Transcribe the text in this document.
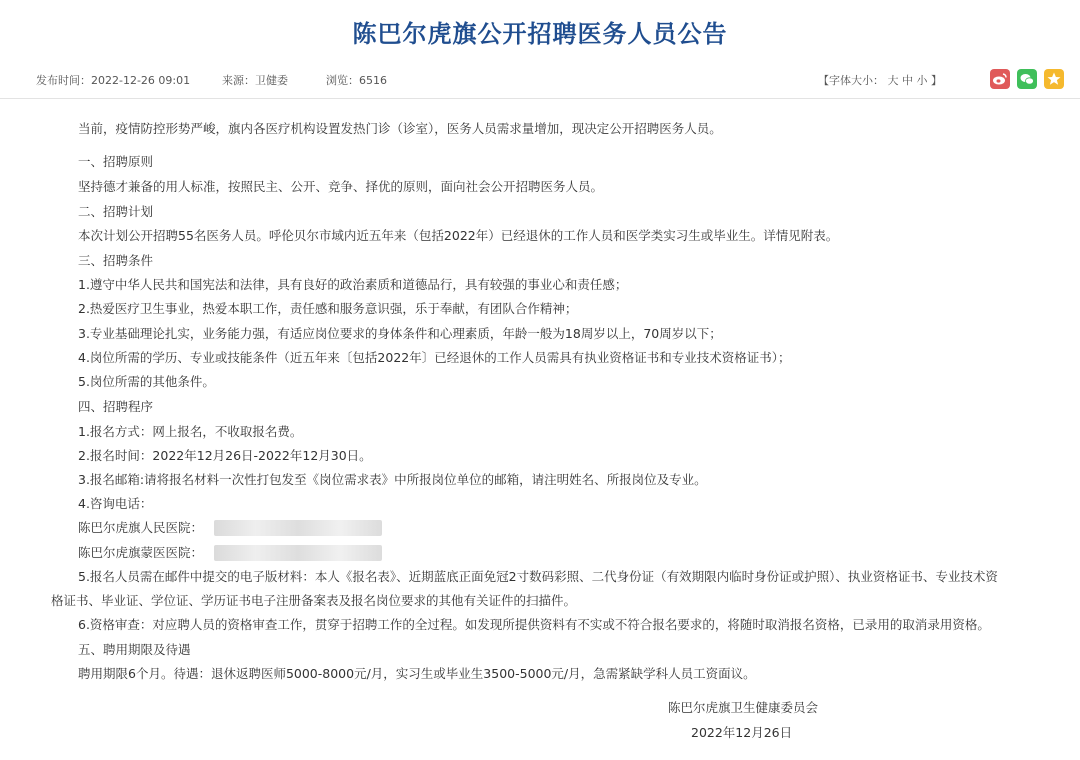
陈巴尔虎旗公开招聘医务人员公告
发布时间：2022-12-26 09:01	来源：卫健委	浏览：6516	【字体大小： 大 中 小 】
当前，疫情防控形势严峻，旗内各医疗机构设置发热门诊（诊室），医务人员需求量增加，现决定公开招聘医务人员。
一、招聘原则
坚持德才兼备的用人标准，按照民主、公开、竞争、择优的原则，面向社会公开招聘医务人员。
二、招聘计划
本次计划公开招聘55名医务人员。呼伦贝尔市域内近五年来（包括2022年）已经退休的工作人员和医学类实习生或毕业生。详情见附表。
三、招聘条件
1.遵守中华人民共和国宪法和法律，具有良好的政治素质和道德品行，具有较强的事业心和责任感；
2.热爱医疗卫生事业，热爱本职工作，责任感和服务意识强，乐于奉献，有团队合作精神；
3.专业基础理论扎实，业务能力强，有适应岗位要求的身体条件和心理素质，年龄一般为18周岁以上，70周岁以下；
4.岗位所需的学历、专业或技能条件（近五年来〔包括2022年〕已经退休的工作人员需具有执业资格证书和专业技术资格证书）；
5.岗位所需的其他条件。
四、招聘程序
1.报名方式：网上报名，不收取报名费。
2.报名时间：2022年12月26日-2022年12月30日。
3.报名邮箱:请将报名材料一次性打包发至《岗位需求表》中所报岗位单位的邮箱，请注明姓名、所报岗位及专业。
4.咨询电话：
陈巴尔虎旗人民医院：
陈巴尔虎旗蒙医医院：
5.报名人员需在邮件中提交的电子版材料：本人《报名表》、近期蓝底正面免冠2寸数码彩照、二代身份证（有效期限内临时身份证或护照）、执业资格证书、专业技术资
格证书、毕业证、学位证、学历证书电子注册备案表及报名岗位要求的其他有关证件的扫描件。
6.资格审查：对应聘人员的资格审查工作，贯穿于招聘工作的全过程。如发现所提供资料有不实或不符合报名要求的，将随时取消报名资格，已录用的取消录用资格。
五、聘用期限及待遇
聘用期限6个月。待遇：退休返聘医师5000-8000元/月，实习生或毕业生3500-5000元/月，急需紧缺学科人员工资面议。
陈巴尔虎旗卫生健康委员会
2022年12月26日
